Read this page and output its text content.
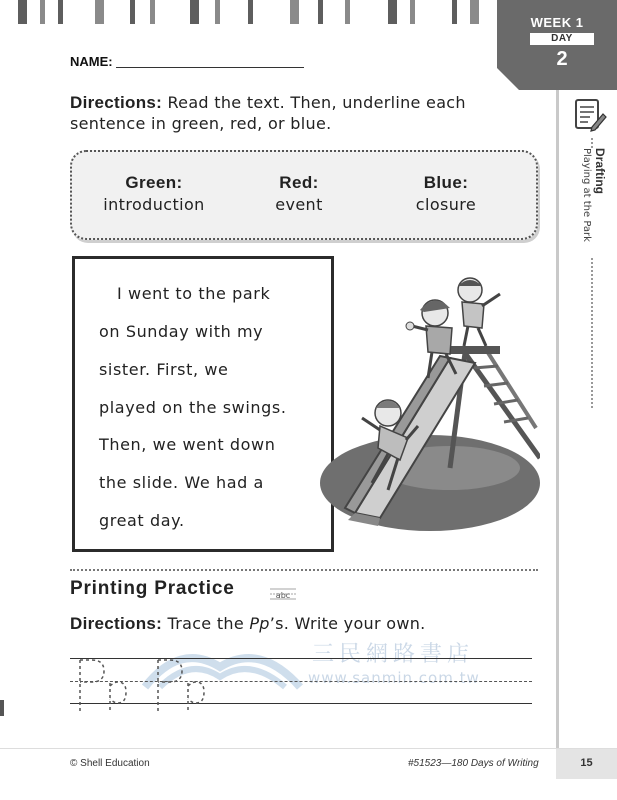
WEEK 1
DAY
2
Drafting
Playing at the Park
NAME:
Directions: Read the text. Then, underline each sentence in green, red, or blue.
Green:
introduction
Red:
event
Blue:
closure
I went to the park
on Sunday with my
sister. First, we
played on the swings.
Then, we went down
the slide. We had a
great day.
Printing Practice	abc
Directions: Trace the Pp’s. Write your own.
三民網路書店
www.sanmin.com.tw
© Shell Education	#51523—180 Days of Writing	15
